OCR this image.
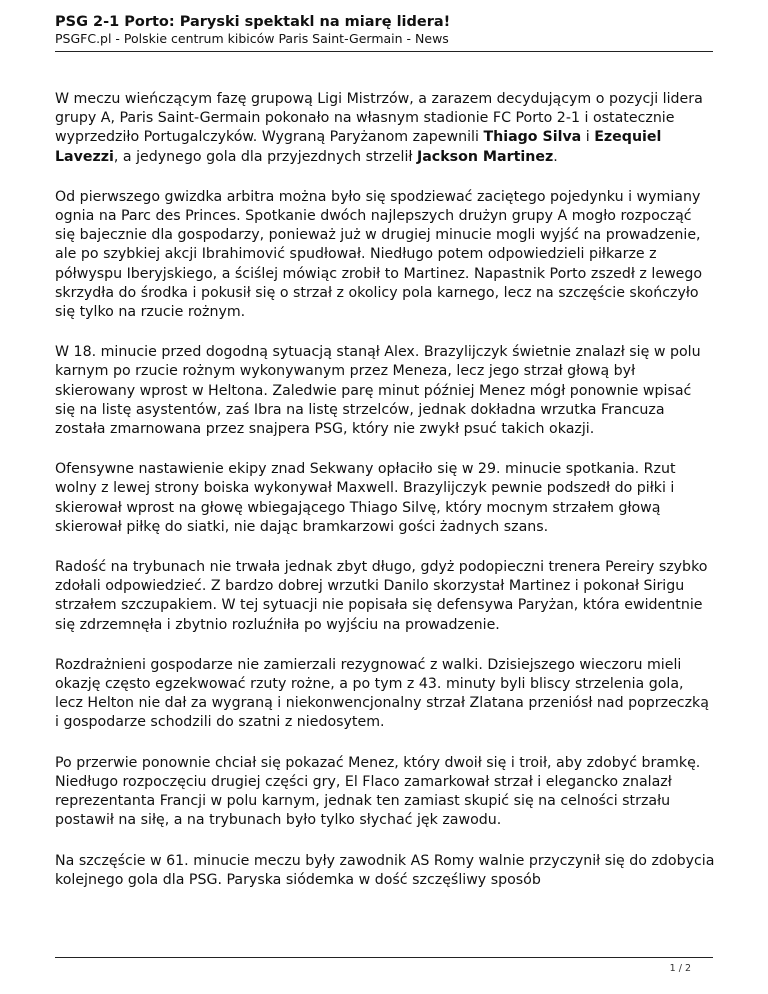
PSG 2-1 Porto: Paryski spektakl na miarę lidera!
PSGFC.pl - Polskie centrum kibiców Paris Saint-Germain - News

W meczu wieńczącym fazę grupową Ligi Mistrzów, a zarazem decydującym o pozycji lidera grupy A, Paris Saint-Germain pokonało na własnym stadionie FC Porto 2-1 i ostatecznie wyprzedziło Portugalczyków. Wygraną Paryżanom zapewnili Thiago Silva i Ezequiel Lavezzi, a jedynego gola dla przyjezdnych strzelił Jackson Martinez.

Od pierwszego gwizdka arbitra można było się spodziewać zaciętego pojedynku i wymiany ognia na Parc des Princes. Spotkanie dwóch najlepszych drużyn grupy A mogło rozpocząć się bajecznie dla gospodarzy, ponieważ już w drugiej minucie mogli wyjść na prowadzenie, ale po szybkiej akcji Ibrahimović spudłował. Niedługo potem odpowiedzieli piłkarze z półwyspu Iberyjskiego, a ściślej mówiąc zrobił to Martinez. Napastnik Porto zszedł z lewego skrzydła do środka i pokusił się o strzał z okolicy pola karnego, lecz na szczęście skończyło się tylko na rzucie rożnym.

W 18. minucie przed dogodną sytuacją stanął Alex. Brazylijczyk świetnie znalazł się w polu karnym po rzucie rożnym wykonywanym przez Meneza, lecz jego strzał głową był skierowany wprost w Heltona. Zaledwie parę minut później Menez mógł ponownie wpisać się na listę asystentów, zaś Ibra na listę strzelców, jednak dokładna wrzutka Francuza została zmarnowana przez snajpera PSG, który nie zwykł psuć takich okazji.

Ofensywne nastawienie ekipy znad Sekwany opłaciło się w 29. minucie spotkania. Rzut wolny z lewej strony boiska wykonywał Maxwell. Brazylijczyk pewnie podszedł do piłki i skierował wprost na głowę wbiegającego Thiago Silvę, który mocnym strzałem głową skierował piłkę do siatki, nie dając bramkarzowi gości żadnych szans.

Radość na trybunach nie trwała jednak zbyt długo, gdyż podopieczni trenera Pereiry szybko zdołali odpowiedzieć. Z bardzo dobrej wrzutki Danilo skorzystał Martinez i pokonał Sirigu strzałem szczupakiem. W tej sytuacji nie popisała się defensywa Paryżan, która ewidentnie się zdrzemnęła i zbytnio rozluźniła po wyjściu na prowadzenie.

Rozdrażnieni gospodarze nie zamierzali rezygnować z walki. Dzisiejszego wieczoru mieli okazję często egzekwować rzuty rożne, a po tym z 43. minuty byli bliscy strzelenia gola, lecz Helton nie dał za wygraną i niekonwencjonalny strzał Zlatana przeniósł nad poprzeczką i gospodarze schodzili do szatni z niedosytem.

Po przerwie ponownie chciał się pokazać Menez, który dwoił się i troił, aby zdobyć bramkę. Niedługo rozpoczęciu drugiej części gry, El Flaco zamarkował strzał i elegancko znalazł reprezentanta Francji w polu karnym, jednak ten zamiast skupić się na celności strzału postawił na siłę, a na trybunach było tylko słychać jęk zawodu.

Na szczęście w 61. minucie meczu były zawodnik AS Romy walnie przyczynił się do zdobycia kolejnego gola dla PSG. Paryska siódemka w dość szczęśliwy sposób

1 / 2
